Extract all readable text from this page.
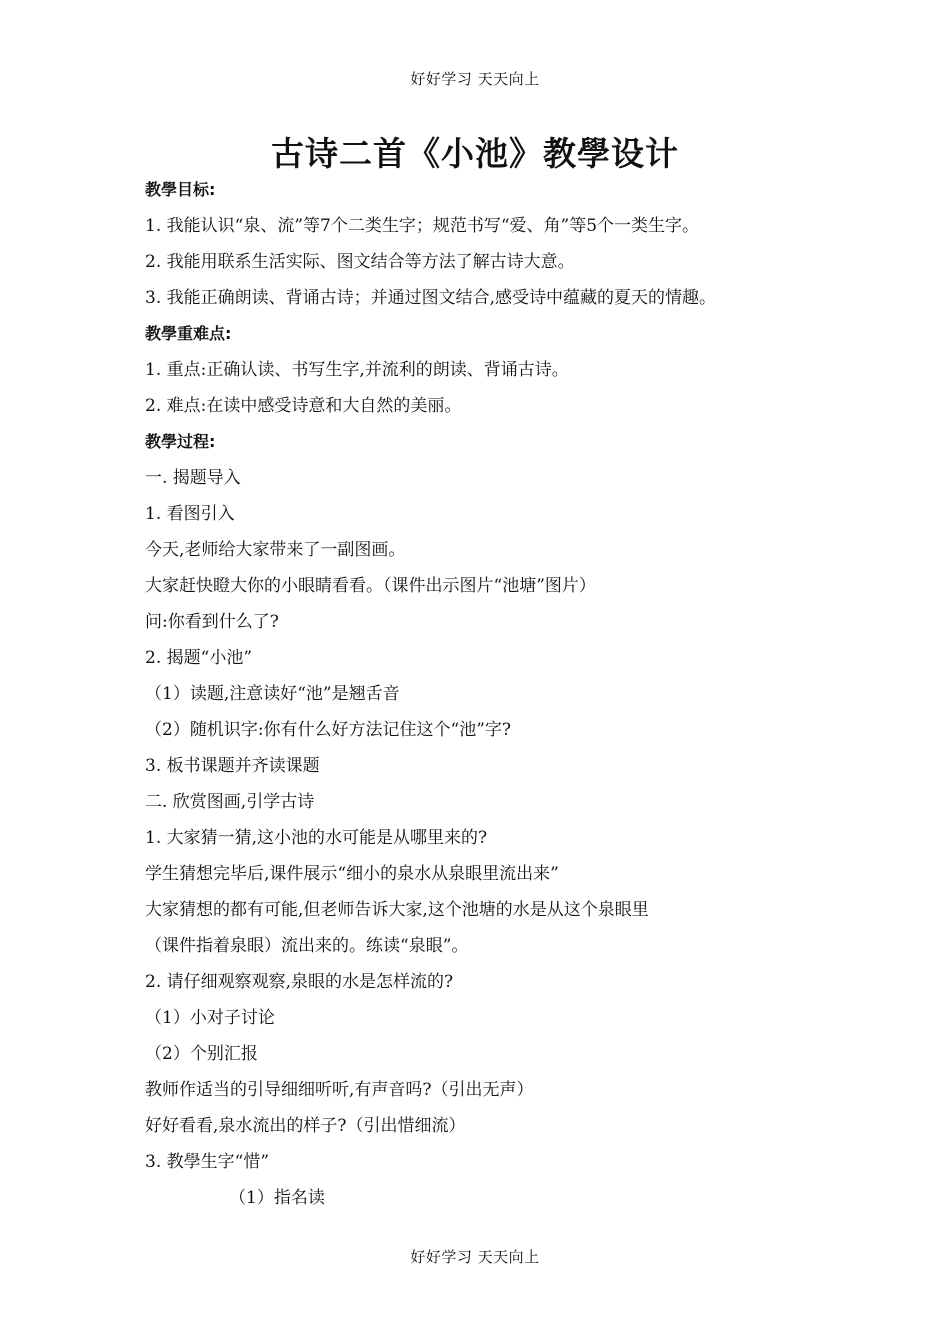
好好学习 天天向上
古诗二首《小池》教學设计
教學目标:
1. 我能认识“泉、流”等7个二类生字；规范书写“爱、角”等5个一类生字。
2. 我能用联系生活实际、图文结合等方法了解古诗大意。
3. 我能正确朗读、背诵古诗；并通过图文结合,感受诗中蕴藏的夏天的情趣。
教學重难点:
1. 重点:正确认读、书写生字,并流利的朗读、背诵古诗。
2. 难点:在读中感受诗意和大自然的美丽。
教學过程:
一. 揭题导入
1. 看图引入
今天,老师给大家带来了一副图画。
大家赶快瞪大你的小眼睛看看。（课件出示图片“池塘”图片）
问:你看到什么了?
2. 揭题“小池”
（1）读题,注意读好“池”是翘舌音
（2）随机识字:你有什么好方法记住这个“池”字?
3. 板书课题并齐读课题
二. 欣赏图画,引学古诗
1. 大家猜一猜,这小池的水可能是从哪里来的?
学生猜想完毕后,课件展示“细小的泉水从泉眼里流出来”
大家猜想的都有可能,但老师告诉大家,这个池塘的水是从这个泉眼里
（课件指着泉眼）流出来的。练读“泉眼”。
2. 请仔细观察观察,泉眼的水是怎样流的?
（1）小对子讨论
（2）个别汇报
教师作适当的引导细细听听,有声音吗?（引出无声）
好好看看,泉水流出的样子?（引出惜细流）
3. 教學生字“惜”
（1）指名读
好好学习 天天向上
